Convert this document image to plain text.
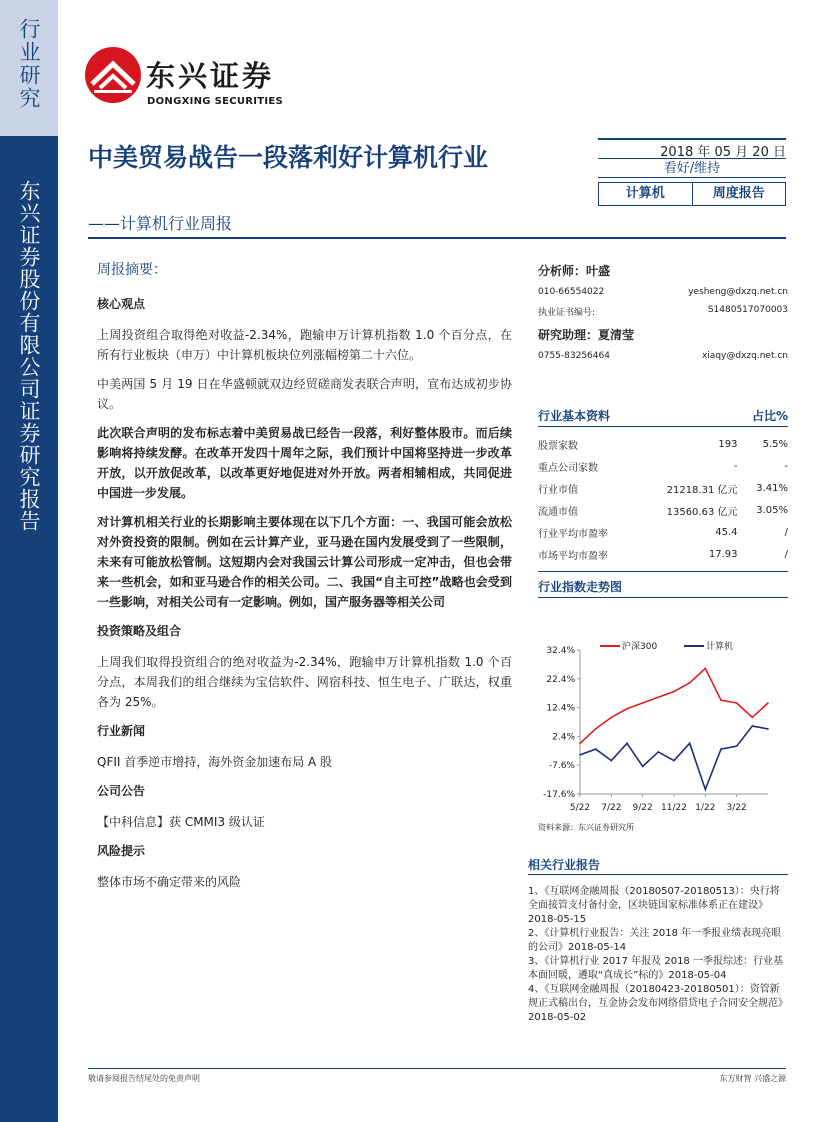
行业研究
东兴证券股份有限公司证券研究报告
东兴证券
DONGXING SECURITIES
中美贸易战告一段落利好计算机行业
——计算机行业周报
2018 年 05 月 20 日
看好/维持
计算机	周度报告
周报摘要：
核心观点
上周投资组合取得绝对收益-2.34%，跑输申万计算机指数 1.0 个百分点，在所有行业板块（申万）中计算机板块位列涨幅榜第二十六位。
中美两国 5 月 19 日在华盛顿就双边经贸磋商发表联合声明，宣布达成初步协议。
此次联合声明的发布标志着中美贸易战已经告一段落，利好整体股市。而后续影响将持续发酵。在改革开发四十周年之际，我们预计中国将坚持进一步改革开放，以开放促改革，以改革更好地促进对外开放。两者相辅相成，共同促进中国进一步发展。
对计算机相关行业的长期影响主要体现在以下几个方面：一、我国可能会放松对外资投资的限制。例如在云计算产业，亚马逊在国内发展受到了一些限制，未来有可能放松管制。这短期内会对我国云计算公司形成一定冲击，但也会带来一些机会，如和亚马逊合作的相关公司。二、我国“自主可控”战略也会受到一些影响，对相关公司有一定影响。例如，国产服务器等相关公司
投资策略及组合
上周我们取得投资组合的绝对收益为-2.34%，跑输申万计算机指数 1.0 个百分点，本周我们的组合继续为宝信软件、网宿科技、恒生电子、广联达，权重各为 25%。
行业新闻
QFII 首季逆市增持，海外资金加速布局 A 股
公司公告
【中科信息】获 CMMI3 级认证
风险提示
整体市场不确定带来的风险
分析师：叶盛
010-66554022	yesheng@dxzq.net.cn
执业证书编号:	S1480517070003
研究助理：夏清莹
0755-83256464	xiaqy@dxzq.net.cn
行业基本资料	占比%
股票家数	193	5.5%
重点公司家数	-	-
行业市值	21218.31 亿元	3.41%
流通市值	13560.63 亿元	3.05%
行业平均市盈率	45.4	/
市场平均市盈率	17.93	/
行业指数走势图
32.4%
22.4%
12.4%
2.4%
-7.6%
-17.6%
5/22 7/22 9/22 11/22 1/22 3/22
沪深300	计算机
资料来源：东兴证券研究所
相关行业报告
1、《互联网金融周报（20180507-20180513）：央行将全面接管支付备付金，区块链国家标准体系正在建设》2018-05-15
2、《计算机行业报告：关注 2018 年一季报业绩表现亮眼的公司》2018-05-14
3、《计算机行业 2017 年报及 2018 一季报综述：行业基本面回暖，遴取“真成长”标的》2018-05-04
4、《互联网金融周报（20180423-20180501）：资管新规正式稿出台，互金协会发布网络借贷电子合同安全规范》2018-05-02
敬请参阅报告结尾处的免责声明	东方财智 兴盛之源
